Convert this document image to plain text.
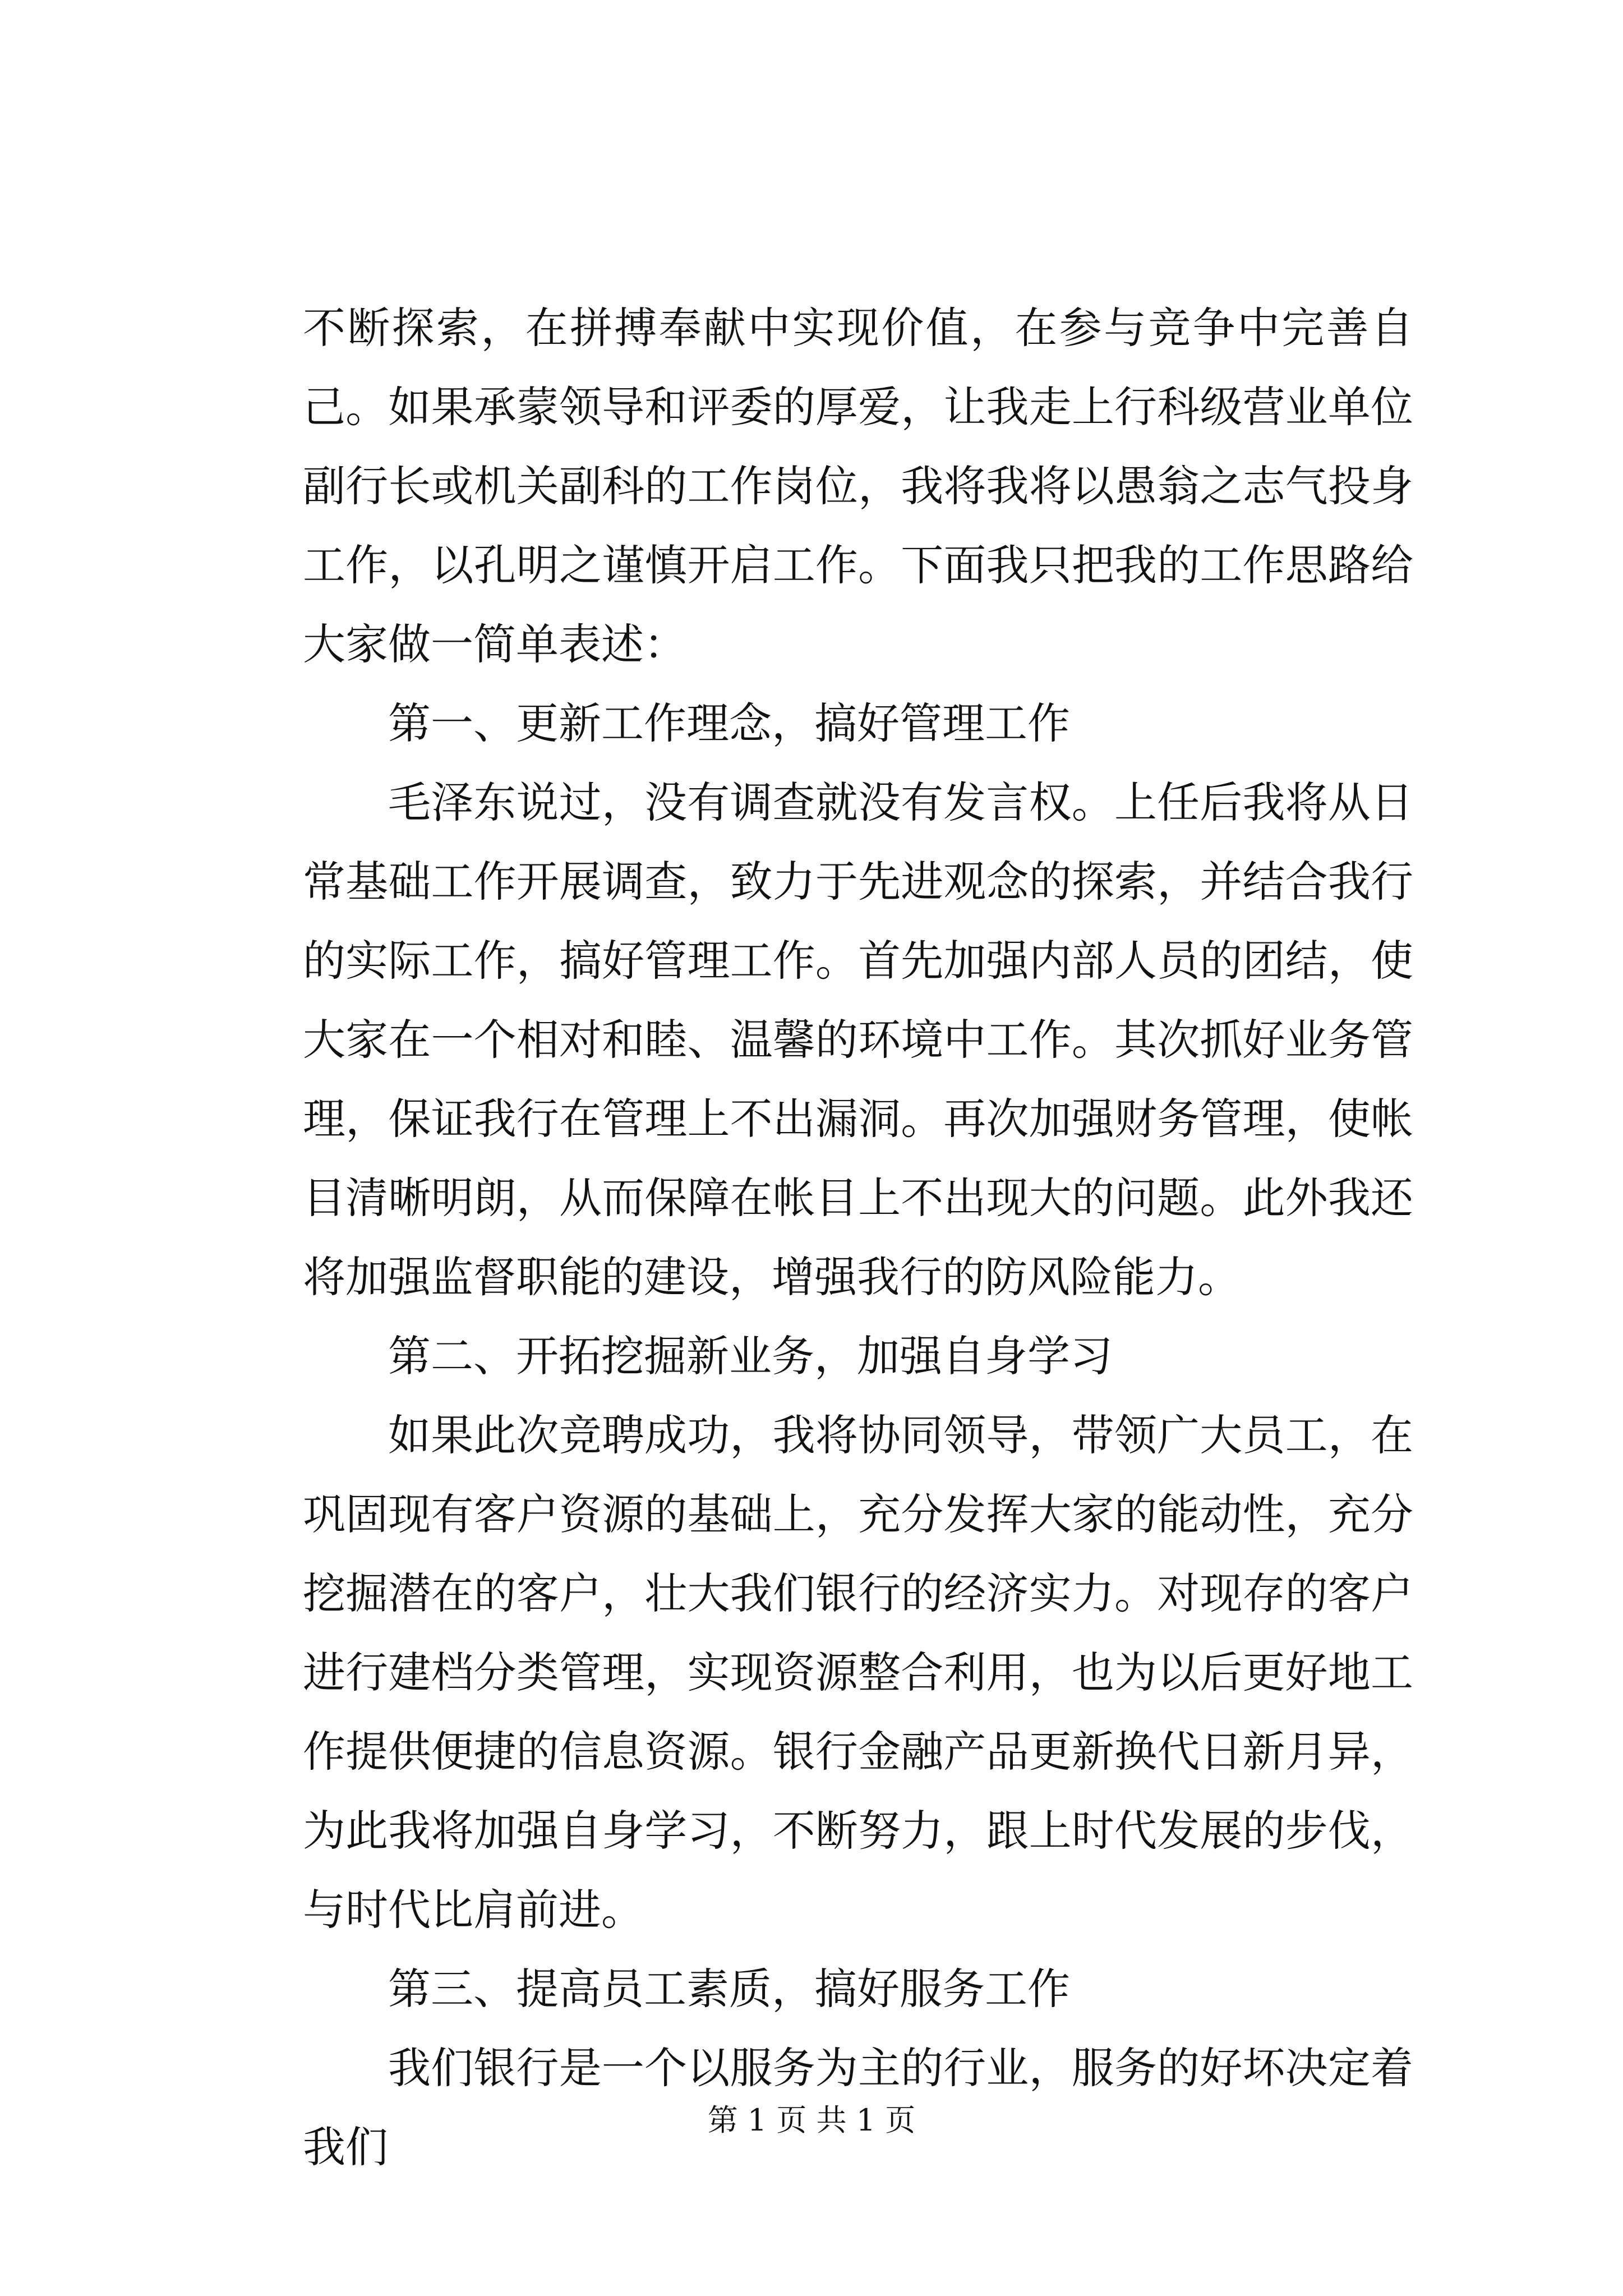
不断探索，在拼搏奉献中实现价值，在参与竞争中完善自己。如果承蒙领导和评委的厚爱，让我走上行科级营业单位副行长或机关副科的工作岗位，我将我将以愚翁之志气投身工作，以孔明之谨慎开启工作。下面我只把我的工作思路给大家做一简单表述：

第一、更新工作理念，搞好管理工作

毛泽东说过，没有调查就没有发言权。上任后我将从日常基础工作开展调查，致力于先进观念的探索，并结合我行的实际工作，搞好管理工作。首先加强内部人员的团结，使大家在一个相对和睦、温馨的环境中工作。其次抓好业务管理，保证我行在管理上不出漏洞。再次加强财务管理，使帐目清晰明朗，从而保障在帐目上不出现大的问题。此外我还将加强监督职能的建设，增强我行的防风险能力。

第二、开拓挖掘新业务，加强自身学习

如果此次竞聘成功，我将协同领导，带领广大员工，在巩固现有客户资源的基础上，充分发挥大家的能动性，充分挖掘潜在的客户，壮大我们银行的经济实力。对现存的客户进行建档分类管理，实现资源整合利用，也为以后更好地工作提供便捷的信息资源。银行金融产品更新换代日新月异，为此我将加强自身学习，不断努力，跟上时代发展的步伐，与时代比肩前进。

第三、提高员工素质，搞好服务工作

我们银行是一个以服务为主的行业，服务的好坏决定着我们

第 1 页 共 1 页
